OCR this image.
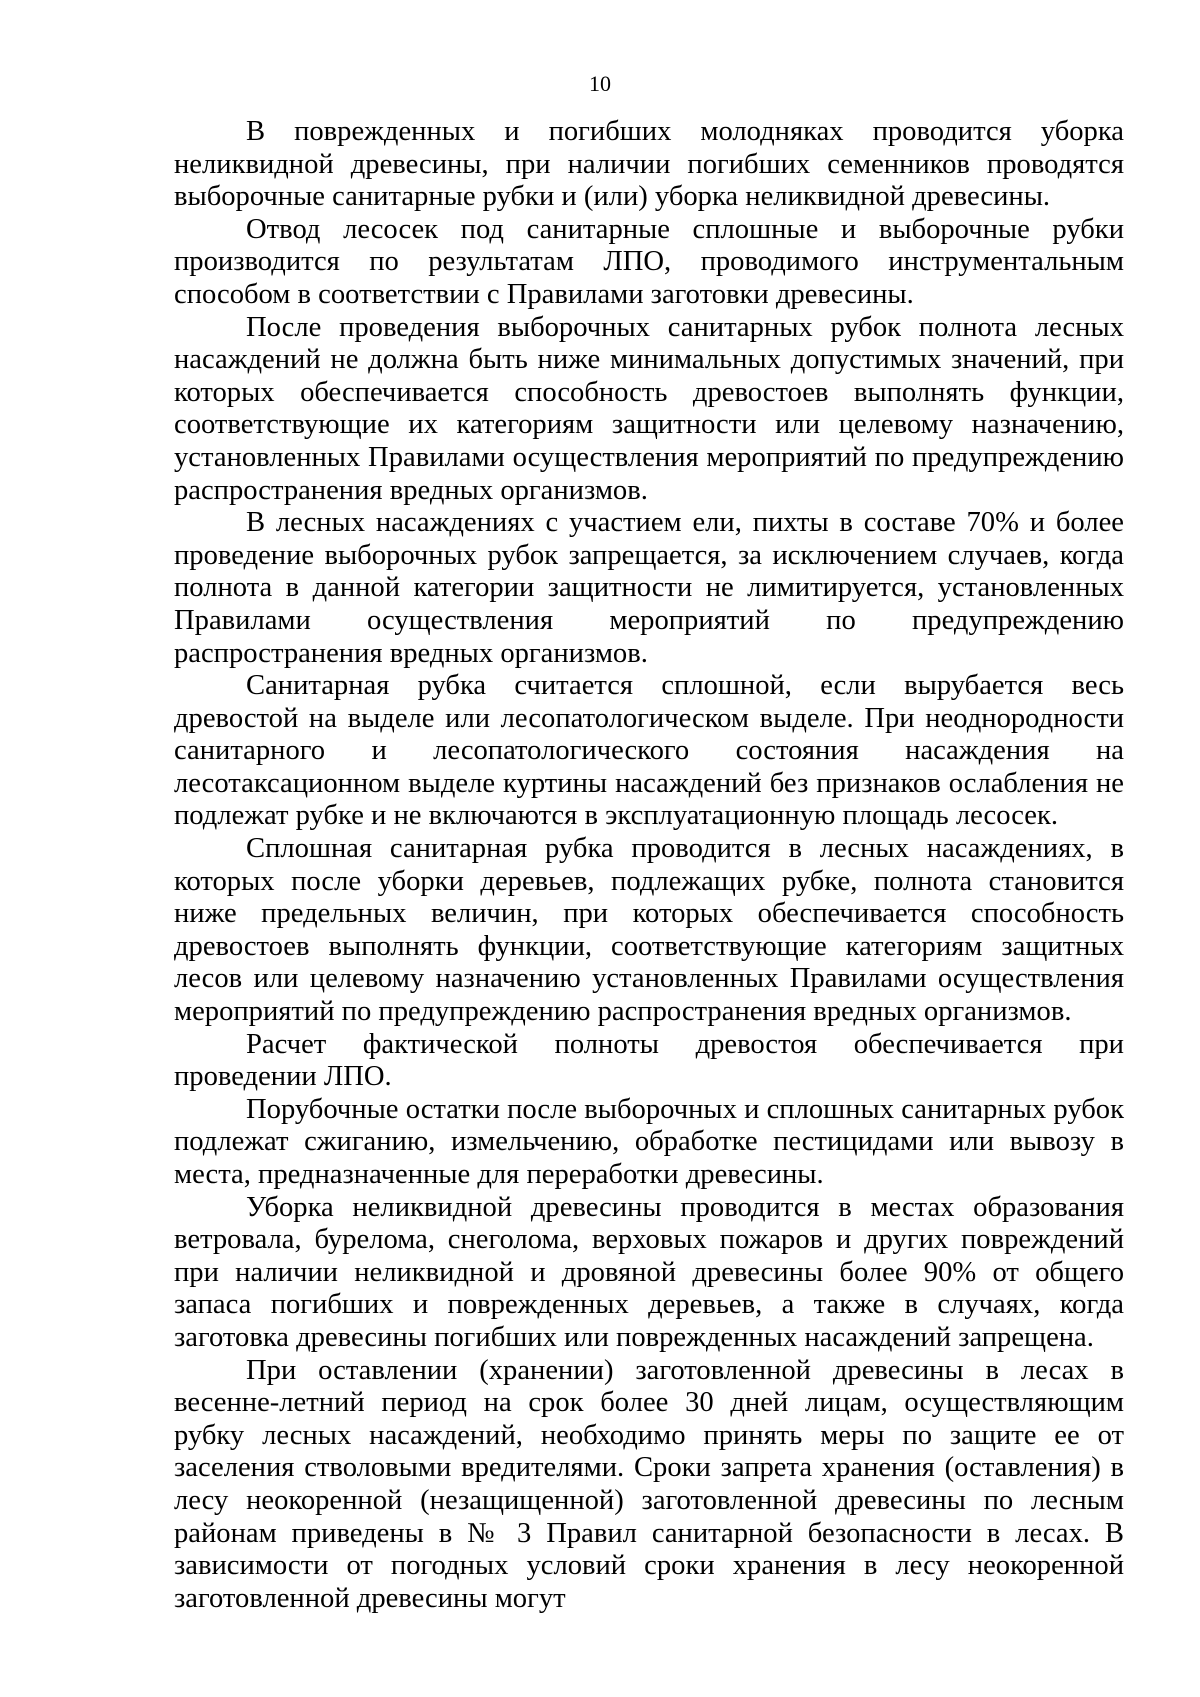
10

В поврежденных и погибших молодняках проводится уборка неликвидной древесины, при наличии погибших семенников проводятся выборочные санитарные рубки и (или) уборка неликвидной древесины.

Отвод лесосек под санитарные сплошные и выборочные рубки производится по результатам ЛПО, проводимого инструментальным способом в соответствии с Правилами заготовки древесины.

После проведения выборочных санитарных рубок полнота лесных насаждений не должна быть ниже минимальных допустимых значений, при которых обеспечивается способность древостоев выполнять функции, соответствующие их категориям защитности или целевому назначению, установленных Правилами осуществления мероприятий по предупреждению распространения вредных организмов.

В лесных насаждениях с участием ели, пихты в составе 70% и более проведение выборочных рубок запрещается, за исключением случаев, когда полнота в данной категории защитности не лимитируется, установленных Правилами осуществления мероприятий по предупреждению распространения вредных организмов.

Санитарная рубка считается сплошной, если вырубается весь древостой на выделе или лесопатологическом выделе. При неоднородности санитарного и лесопатологического состояния насаждения на лесотаксационном выделе куртины насаждений без признаков ослабления не подлежат рубке и не включаются в эксплуатационную площадь лесосек.

Сплошная санитарная рубка проводится в лесных насаждениях, в которых после уборки деревьев, подлежащих рубке, полнота становится ниже предельных величин, при которых обеспечивается способность древостоев выполнять функции, соответствующие категориям защитных лесов или целевому назначению установленных Правилами осуществления мероприятий по предупреждению распространения вредных организмов.

Расчет фактической полноты древостоя обеспечивается при проведении ЛПО.

Порубочные остатки после выборочных и сплошных санитарных рубок подлежат сжиганию, измельчению, обработке пестицидами или вывозу в места, предназначенные для переработки древесины.

Уборка неликвидной древесины проводится в местах образования ветровала, бурелома, снеголома, верховых пожаров и других повреждений при наличии неликвидной и дровяной древесины более 90% от общего запаса погибших и поврежденных деревьев, а также в случаях, когда заготовка древесины погибших или поврежденных насаждений запрещена.

При оставлении (хранении) заготовленной древесины в лесах в весенне-летний период на срок более 30 дней лицам, осуществляющим рубку лесных насаждений, необходимо принять меры по защите ее от заселения стволовыми вредителями. Сроки запрета хранения (оставления) в лесу неокоренной (незащищенной) заготовленной древесины по лесным районам приведены в № 3 Правил санитарной безопасности в лесах. В зависимости от погодных условий сроки хранения в лесу неокоренной заготовленной древесины могут
